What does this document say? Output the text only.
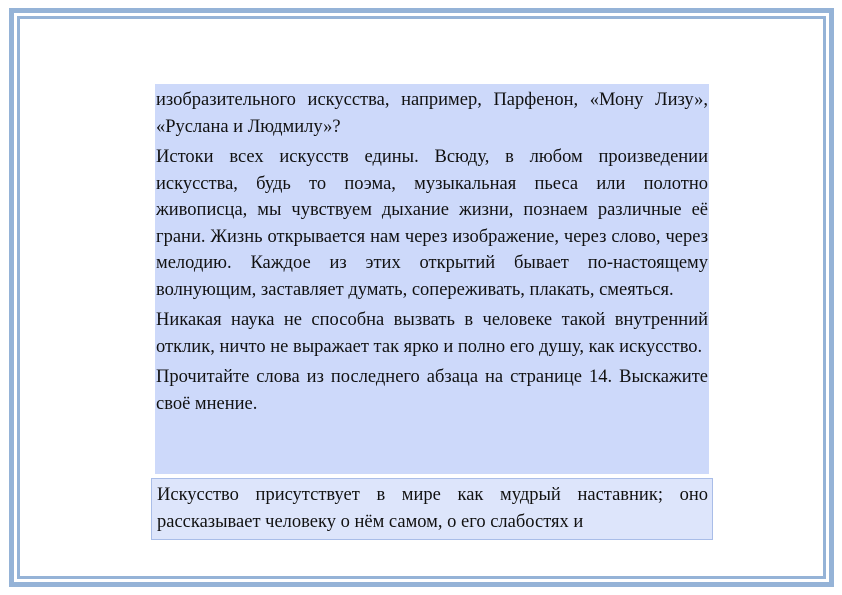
изобразительного искусства, например, Парфенон, «Мону Лизу», «Руслана и Людмилу»?

Истоки всех искусств едины. Всюду, в любом произведении искусства, будь то поэма, музыкальная пьеса или полотно живописца, мы чувствуем дыхание жизни, познаем различные её грани. Жизнь открывается нам через изображение, через слово, через мелодию. Каждое из этих открытий бывает по-настоящему волнующим, заставляет думать, сопереживать, плакать, смеяться.

Никакая наука не способна вызвать в человеке такой внутренний отклик, ничто не выражает так ярко и полно его душу, как искусство.

Прочитайте слова из последнего абзаца на странице 14. Выскажите своё мнение.

Искусство присутствует в мире как мудрый наставник; оно рассказывает человеку о нём самом, о его слабостях и
